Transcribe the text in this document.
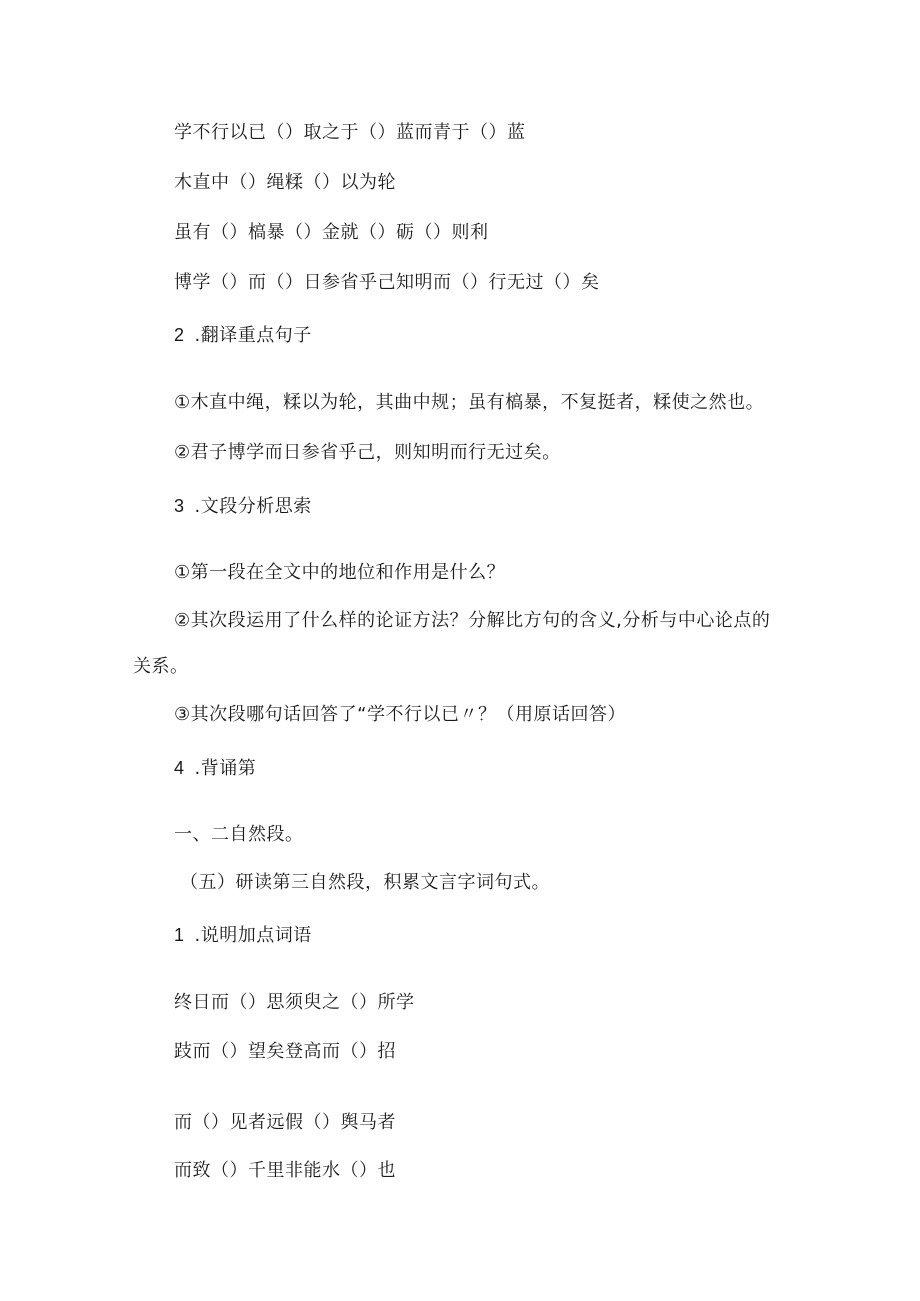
学不行以已（）取之于（）蓝而青于（）蓝

木直中（）绳糅（）以为轮

虽有（）槁暴（）金就（）砺（）则利

博学（）而（）日参省乎己知明而（）行无过（）矣

2 .翻译重点句子

①木直中绳，糅以为轮，其曲中规；虽有槁暴，不复挺者，糅使之然也。

②君子博学而日参省乎己，则知明而行无过矣。

3 .文段分析思索

①第一段在全文中的地位和作用是什么？

②其次段运用了什么样的论证方法？分解比方句的含义,分析与中心论点的

关系。

③其次段哪句话回答了“学不行以已〃？（用原话回答）

4 .背诵第

一、二自然段。

（五）研读第三自然段，积累文言字词句式。

1 .说明加点词语

终日而（）思须臾之（）所学

跂而（）望矣登高而（）招

而（）见者远假（）舆马者

而致（）千里非能水（）也
